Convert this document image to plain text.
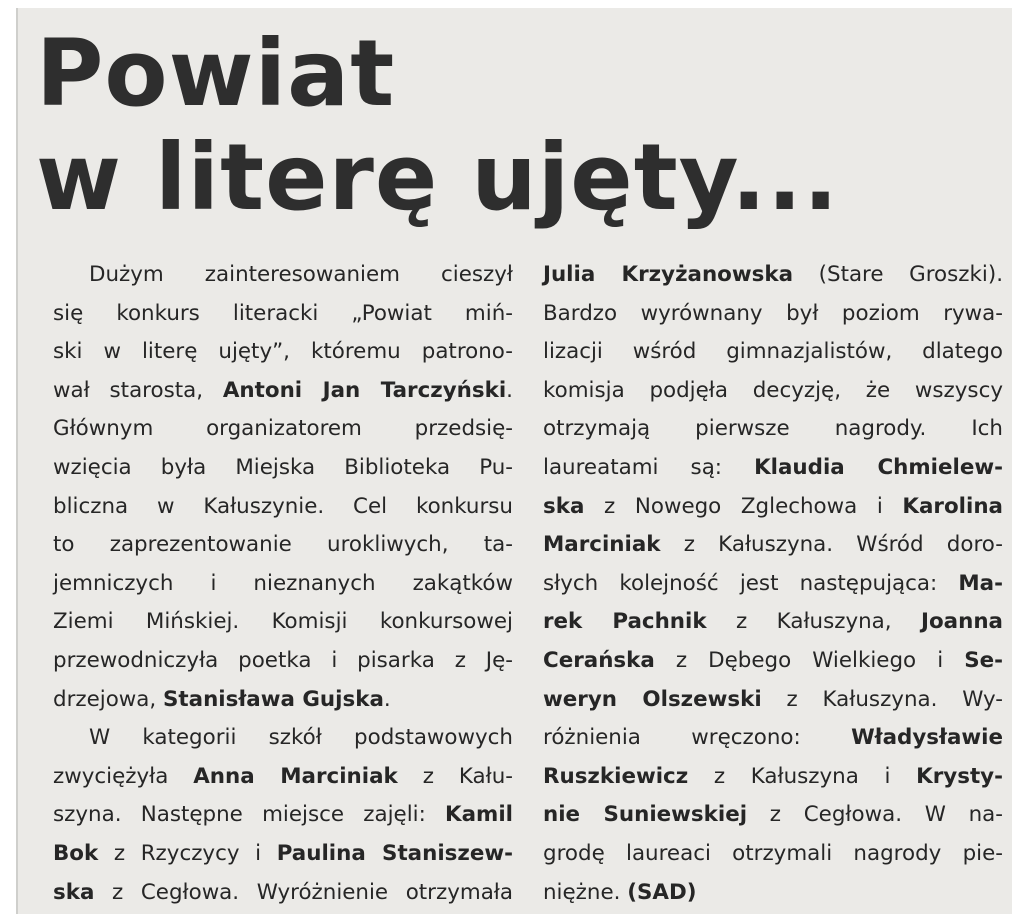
Powiat
w literę ujęty...
Dużym zainteresowaniem cieszył
się konkurs literacki „Powiat miń-
ski w literę ujęty”, któremu patrono-
wał starosta, Antoni Jan Tarczyński.
Głównym organizatorem przedsię-
wzięcia była Miejska Biblioteka Pu-
bliczna w Kałuszynie. Cel konkursu
to zaprezentowanie urokliwych, ta-
jemniczych i nieznanych zakątków
Ziemi Mińskiej. Komisji konkursowej
przewodniczyła poetka i pisarka z Ję-
drzejowa, Stanisława Gujska.
W kategorii szkół podstawowych
zwyciężyła Anna Marciniak z Kału-
szyna. Następne miejsce zajęli: Kamil
Bok z Rzyczycy i Paulina Staniszew-
ska z Cegłowa. Wyróżnienie otrzymała
Julia Krzyżanowska (Stare Groszki).
Bardzo wyrównany był poziom rywa-
lizacji wśród gimnazjalistów, dlatego
komisja podjęła decyzję, że wszyscy
otrzymają pierwsze nagrody. Ich
laureatami są: Klaudia Chmielew-
ska z Nowego Zglechowa i Karolina
Marciniak z Kałuszyna. Wśród doro-
słych kolejność jest następująca: Ma-
rek Pachnik z Kałuszyna, Joanna
Cerańska z Dębego Wielkiego i Se-
weryn Olszewski z Kałuszyna. Wy-
różnienia wręczono: Władysławie
Ruszkiewicz z Kałuszyna i Krysty-
nie Suniewskiej z Cegłowa. W na-
grodę laureaci otrzymali nagrody pie-
niężne. (SAD)
